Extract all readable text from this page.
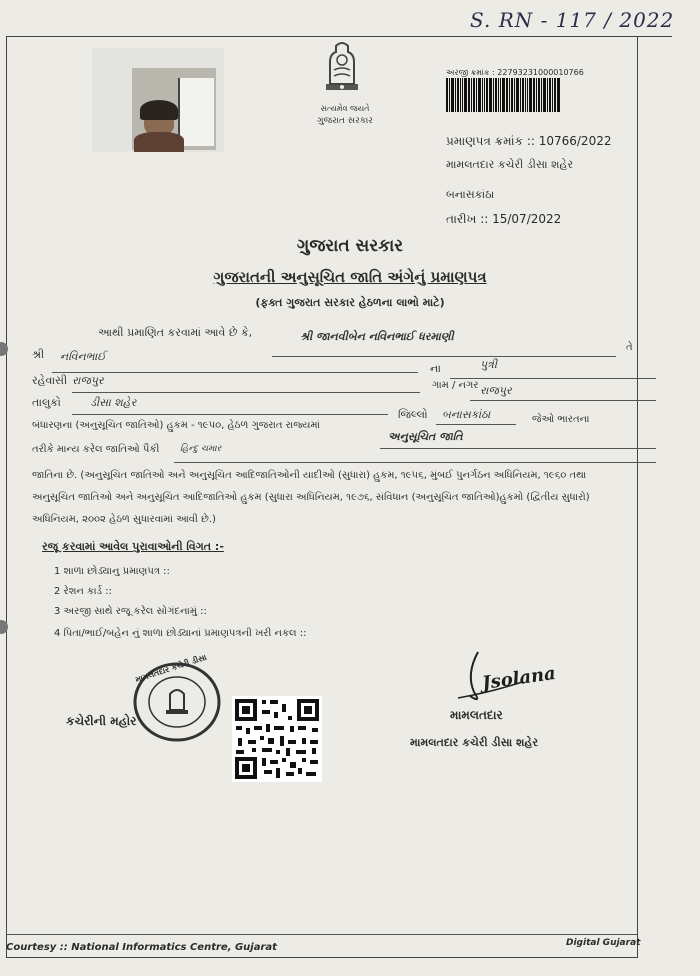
S. RN - 117 / 2022
સત્યમેવ જયતે
ગુજરાત સરકાર
અરજી ક્રમાંક : 22793231000010766
પ્રમાણપત્ર ક્રમાંક :: 10766/2022
મામલતદાર કચેરી ડીસા શહેર
બનાસકાંઠા
તારીખ :: 15/07/2022
ગુજરાત સરકાર
ગુજરાતની અનુસૂચિત જાતિ અંગેનું પ્રમાણપત્ર
(ફક્ત ગુજરાત સરકાર હેઠળના લાભો માટે)
આથી પ્રમાણિત કરવામાં આવે છે કે,	શ્રી જાનવીબેન નવિનભાઈ ધરમાણી
તે
શ્રી નવિનભાઈ
ના	પુત્રી
રહેવાસી રાજપુર	ગામ / નગર રાજપુર
તાલુકો	ડીસા શહેર
જિલ્લો બનાસકાંઠા	જેઓ ભારતના
બંધારણના (અનુસૂચિત જાતિઓ) હુકમ - ૧૯૫૦, હેઠળ ગુજરાત રાજ્યમાં
અનુસૂચિત જાતિ
તરીકે માન્ય કરેલ જાતિઓ પૈકી હિન્દુ ચમાર
જાતિના છે. (અનુસૂચિત જાતિઓ અને અનુસૂચિત આદિજાતિઓની યાદીઓ (સુધારા) હુકમ, ૧૯૫૬, મુંબઈ પુનર્ગઠન અધિનિયમ, ૧૯૬૦ તથા
અનુસૂચિત જાતિઓ અને અનુસૂચિત આદિજાતિઓ હુકમ (સુધારા અધિનિયમ, ૧૯૭૬, સંવિધાન (અનુસૂચિત જાતિઓ)હુકમો (દ્વિતીય સુધારો)
અધિનિયમ, ૨૦૦૨ હેઠળ સુધારવામાં આવી છે.)
રજૂ કરવામાં આવેલ પુરાવાઓની વિગત :-
1 શાળા છોડ્યાનુ પ્રમાણપત્ર ::
2 રેશન કાર્ડ ::
3 અરજી સાથે રજૂ કરેલ સોગંદનામું ::
4 પિતા/ભાઈ/બહેન નું શાળા છોડ્યાનાં પ્રમાણપત્રની ખરી નકલ ::
મામલતદાર કચેરી ડીસા
કચેરીની મહોર
Jsolana
મામલતદાર
મામલતદાર કચેરી ડીસા શહેર
Courtesy :: National Informatics Centre, Gujarat	Digital Gujarat
